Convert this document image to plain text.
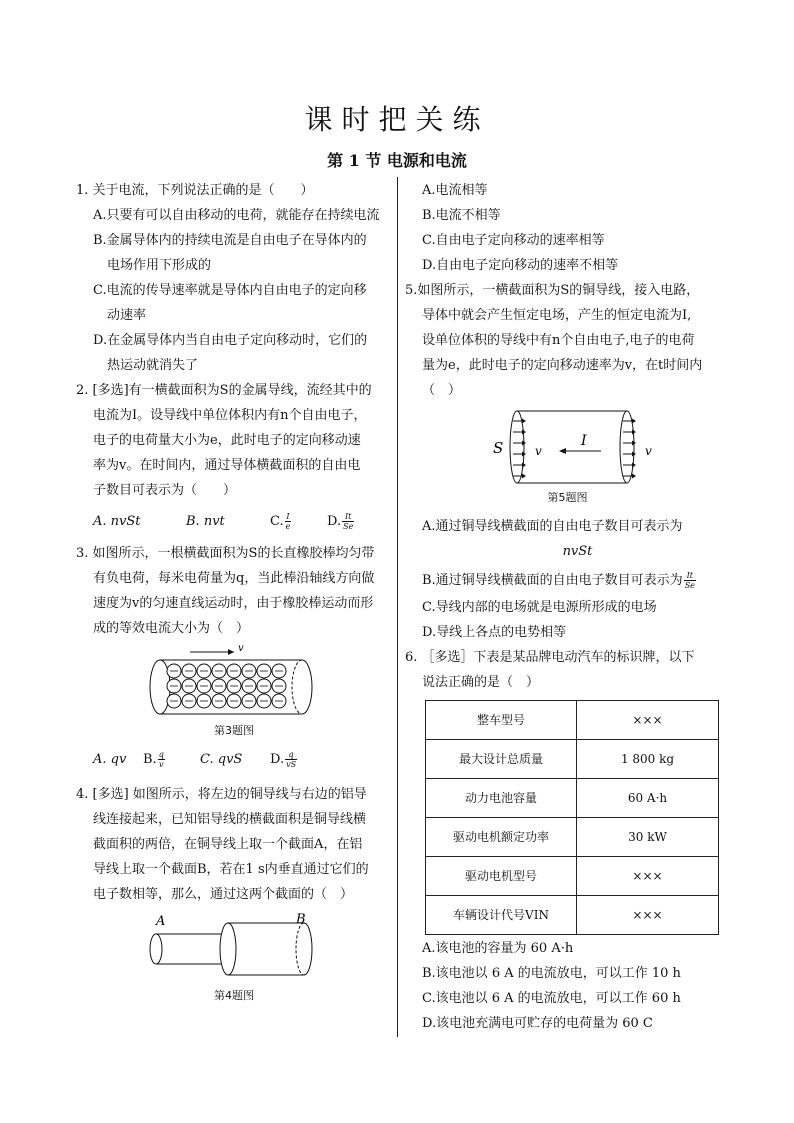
课时把关练
第 1 节 电源和电流
1. 关于电流，下列说法正确的是（　　）
A.只要有可以自由移动的电荷，就能存在持续电流
B.金属导体内的持续电流是自由电子在导体内的
电场作用下形成的
C.电流的传导速率就是导体内自由电子的定向移
动速率
D.在金属导体内当自由电子定向移动时，它们的
热运动就消失了
2. [多选]有一横截面积为S的金属导线，流经其中的
电流为I。设导线中单位体积内有n个自由电子，
电子的电荷量大小为e，此时电子的定向移动速
率为v。在时间内，通过导体横截面积的自由电
子数目可表示为（　　）
A. nvSt	B. nvt	C. $\frac{I}{e}$	D. $\frac{It}{Se}$
3. 如图所示，一根横截面积为S的长直橡胶棒均匀带
有负电荷，每米电荷量为q，当此棒沿轴线方向做
速度为v的匀速直线运动时，由于橡胶棒运动而形
成的等效电流大小为（　）
v
第3题图
A. qv	B. $\frac{q}{v}$	C. qvS	D. $\frac{q}{vS}$
4. [多选] 如图所示，将左边的铜导线与右边的铝导
线连接起来，已知铝导线的横截面积是铜导线横
截面积的两倍，在铜导线上取一个截面A，在铝
导线上取一个截面B，若在1 s内垂直通过它们的
电子数相等，那么，通过这两个截面的（　）
A	B
第4题图
A.电流相等
B.电流不相等
C.自由电子定向移动的速率相等
D.自由电子定向移动的速率不相等
5.如图所示，一横截面积为S的铜导线，接入电路，
导体中就会产生恒定电场，产生的恒定电流为I,
设单位体积的导线中有n个自由电子,电子的电荷
量为e，此时电子的定向移动速率为v，在t时间内
（　）
S	v
I
v
第5题图
A.通过铜导线横截面的自由电子数目可表示为
nvSt
B.通过铜导线横截面的自由电子数目可表示为 $\frac{It}{Se}$
C.导线内部的电场就是电源所形成的电场
D.导线上各点的电势相等
6. ［多选］下表是某品牌电动汽车的标识牌，以下
说法正确的是（　）
整车型号	×××
最大设计总质量	1 800 kg
动力电池容量	60 A·h
驱动电机额定功率	30 kW
驱动电机型号	×××
车辆设计代号VIN	×××
A.该电池的容量为 60 A·h
B.该电池以 6 A 的电流放电，可以工作 10 h
C.该电池以 6 A 的电流放电，可以工作 60 h
D.该电池充满电可贮存的电荷量为 60 C
